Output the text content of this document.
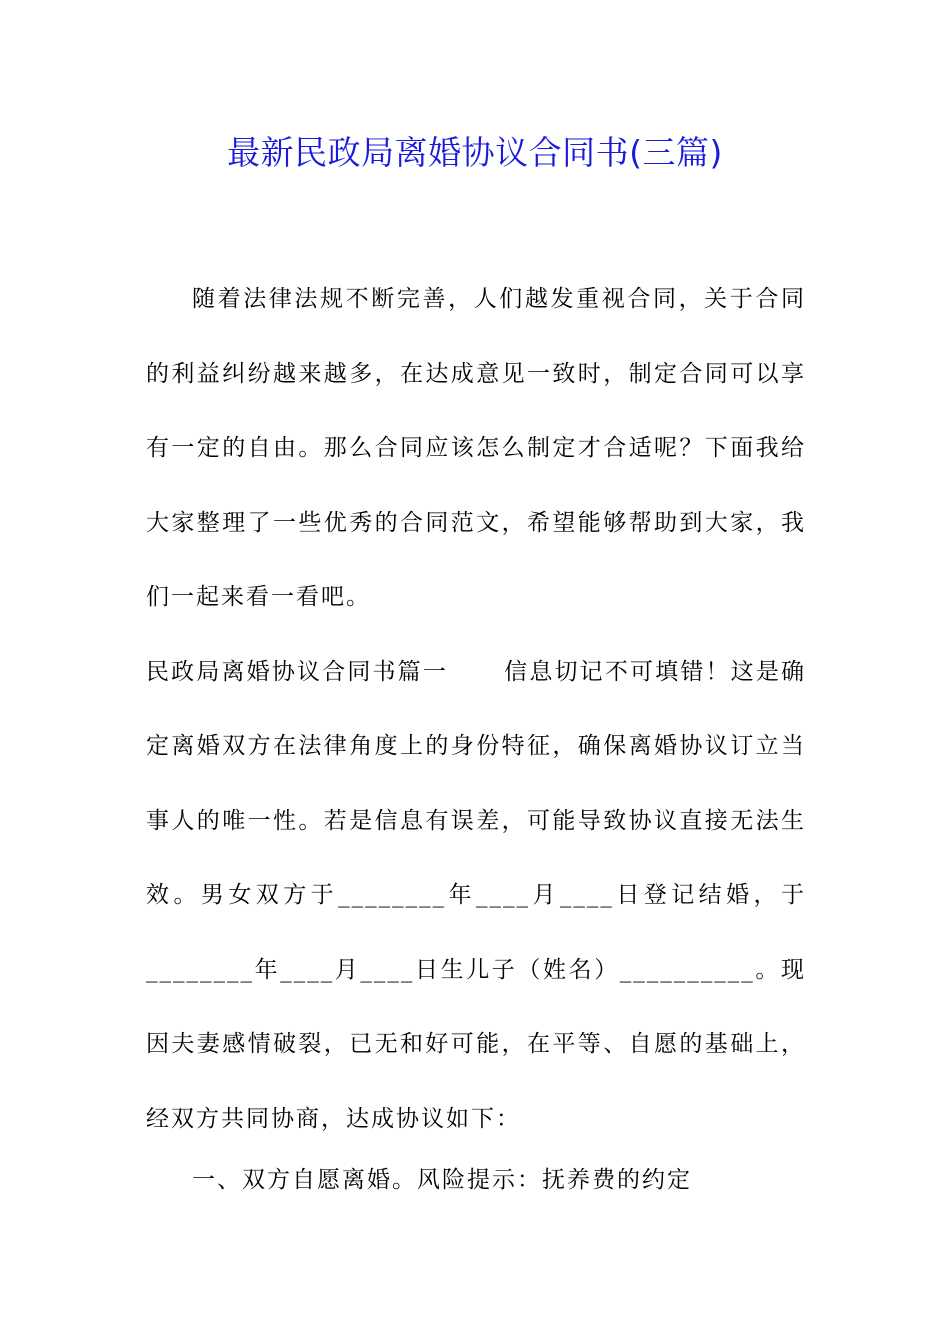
最新民政局离婚协议合同书(三篇)

随着法律法规不断完善，人们越发重视合同，关于合同的利益纠纷越来越多，在达成意见一致时，制定合同可以享有一定的自由。那么合同应该怎么制定才合适呢？下面我给大家整理了一些优秀的合同范文，希望能够帮助到大家，我们一起来看一看吧。

民政局离婚协议合同书篇一 信息切记不可填错！这是确定离婚双方在法律角度上的身份特征，确保离婚协议订立当事人的唯一性。若是信息有误差，可能导致协议直接无法生效。男女双方于________年____月____日登记结婚，于________年____月____日生儿子（姓名）__________。现因夫妻感情破裂，已无和好可能，在平等、自愿的基础上，经双方共同协商，达成协议如下：

一、双方自愿离婚。风险提示：抚养费的约定
